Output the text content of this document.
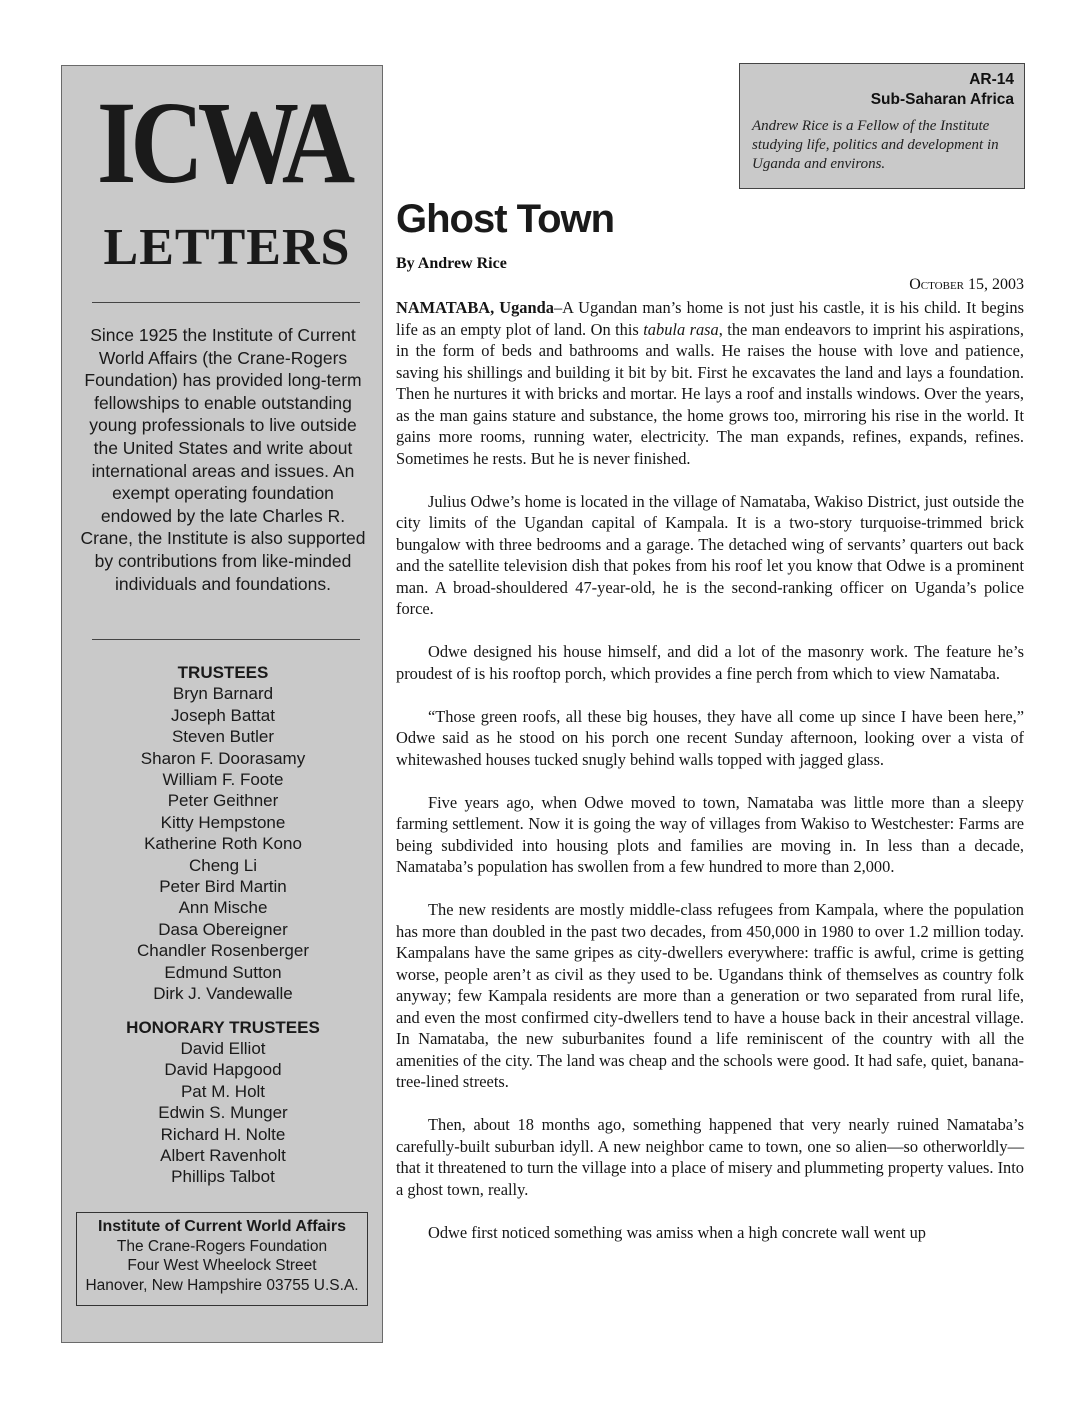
ICWA
LETTERS
Since 1925 the Institute of Current World Affairs (the Crane-Rogers Foundation) has provided long-term fellowships to enable outstanding young professionals to live outside the United States and write about international areas and issues. An exempt operating foundation endowed by the late Charles R. Crane, the Institute is also supported by contributions from like-minded individuals and foundations.
TRUSTEES
Bryn Barnard
Joseph Battat
Steven Butler
Sharon F. Doorasamy
William F. Foote
Peter Geithner
Kitty Hempstone
Katherine Roth Kono
Cheng Li
Peter Bird Martin
Ann Mische
Dasa Obereigner
Chandler Rosenberger
Edmund Sutton
Dirk J. Vandewalle
HONORARY TRUSTEES
David Elliot
David Hapgood
Pat M. Holt
Edwin S. Munger
Richard H. Nolte
Albert Ravenholt
Phillips Talbot
Institute of Current World Affairs
The Crane-Rogers Foundation
Four West Wheelock Street
Hanover, New Hampshire 03755 U.S.A.
AR-14
Sub-Saharan Africa
Andrew Rice is a Fellow of the Institute studying life, politics and development in Uganda and environs.
Ghost Town
By Andrew Rice
October 15, 2003

NAMATABA, Uganda–A Ugandan man’s home is not just his castle, it is his child. It begins life as an empty plot of land. On this tabula rasa, the man endeavors to imprint his aspirations, in the form of beds and bathrooms and walls. He raises the house with love and patience, saving his shillings and building it bit by bit. First he excavates the land and lays a foundation. Then he nurtures it with bricks and mortar. He lays a roof and installs windows. Over the years, as the man gains stature and substance, the home grows too, mirroring his rise in the world. It gains more rooms, running water, electricity. The man expands, refines, expands, refines. Sometimes he rests. But he is never finished.

Julius Odwe’s home is located in the village of Namataba, Wakiso District, just outside the city limits of the Ugandan capital of Kampala. It is a two-story turquoise-trimmed brick bungalow with three bedrooms and a garage. The detached wing of servants’ quarters out back and the satellite television dish that pokes from his roof let you know that Odwe is a prominent man. A broad-shouldered 47-year-old, he is the second-ranking officer on Uganda’s police force.

Odwe designed his house himself, and did a lot of the masonry work. The feature he’s proudest of is his rooftop porch, which provides a fine perch from which to view Namataba.

“Those green roofs, all these big houses, they have all come up since I have been here,” Odwe said as he stood on his porch one recent Sunday afternoon, looking over a vista of whitewashed houses tucked snugly behind walls topped with jagged glass.

Five years ago, when Odwe moved to town, Namataba was little more than a sleepy farming settlement. Now it is going the way of villages from Wakiso to Westchester: Farms are being subdivided into housing plots and families are moving in. In less than a decade, Namataba’s population has swollen from a few hundred to more than 2,000.

The new residents are mostly middle-class refugees from Kampala, where the population has more than doubled in the past two decades, from 450,000 in 1980 to over 1.2 million today. Kampalans have the same gripes as city-dwellers everywhere: traffic is awful, crime is getting worse, people aren’t as civil as they used to be. Ugandans think of themselves as country folk anyway; few Kampala residents are more than a generation or two separated from rural life, and even the most confirmed city-dwellers tend to have a house back in their ancestral village. In Namataba, the new suburbanites found a life reminiscent of the country with all the amenities of the city. The land was cheap and the schools were good. It had safe, quiet, banana-tree-lined streets.

Then, about 18 months ago, something happened that very nearly ruined Namataba’s carefully-built suburban idyll. A new neighbor came to town, one so alien—so otherworldly—that it threatened to turn the village into a place of misery and plummeting property values. Into a ghost town, really.

Odwe first noticed something was amiss when a high concrete wall went up
